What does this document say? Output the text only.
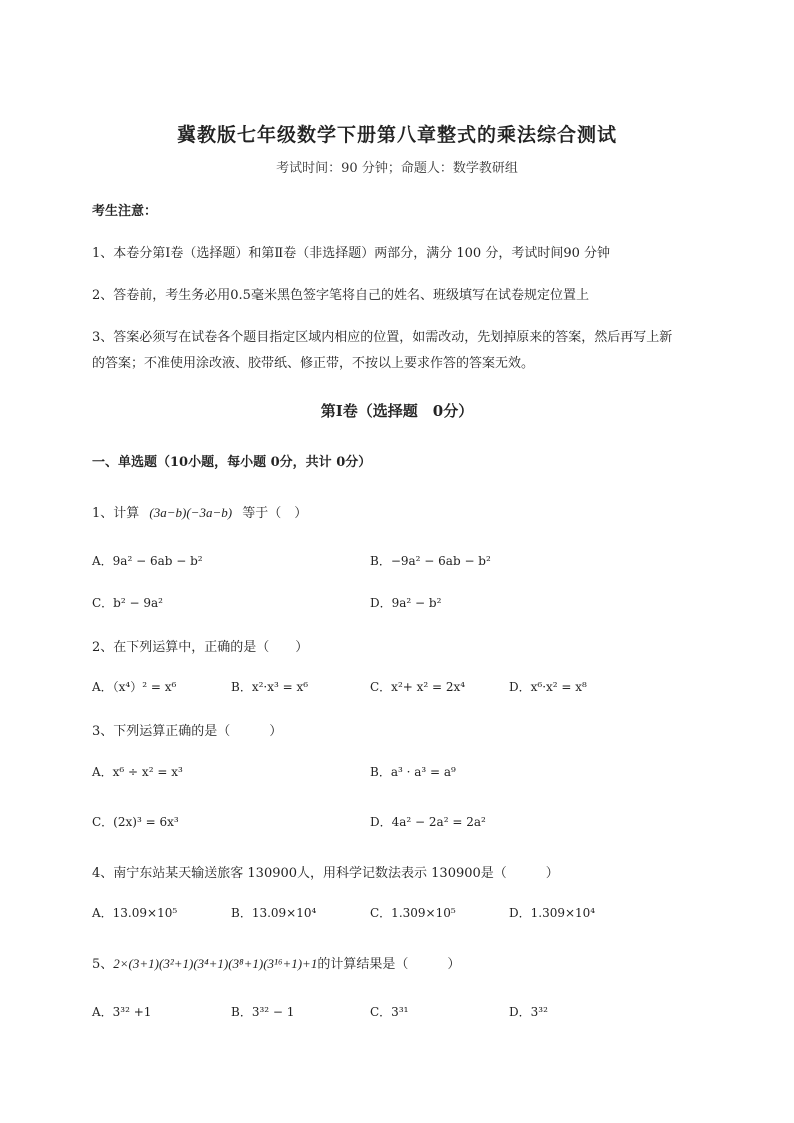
冀教版七年级数学下册第八章整式的乘法综合测试
考试时间：90 分钟；命题人：数学教研组
考生注意：
1、本卷分第Ⅰ卷（选择题）和第Ⅱ卷（非选择题）两部分，满分 100 分，考试时间90 分钟
2、答卷前，考生务必用0.5毫米黑色签字笔将自己的姓名、班级填写在试卷规定位置上
3、答案必须写在试卷各个题目指定区域内相应的位置，如需改动，先划掉原来的答案，然后再写上新
的答案；不准使用涂改液、胶带纸、修正带，不按以上要求作答的答案无效。
第Ⅰ卷（选择题　0分）
一、单选题（10小题，每小题 0分，共计 0分）
1、计算 (3a−b)(−3a−b) 等于（　）
A．9a² − 6ab − b²	B．−9a² − 6ab − b²
C．b² − 9a²	D．9a² − b²
2、在下列运算中，正确的是（　　）
A．（x⁴）² = x⁶	B．x²·x³ = x⁶	C．x²+ x² = 2x⁴	D．x⁶·x² = x⁸
3、下列运算正确的是（　　　）
A．x⁶ ÷ x² = x³	B．a³ · a³ = a⁹
C．(2x)³ = 6x³	D．4a² − 2a² = 2a²
4、南宁东站某天输送旅客 130900人，用科学记数法表示 130900是（　　　）
A．13.09×10⁵	B．13.09×10⁴	C．1.309×10⁵	D．1.309×10⁴
5、2×(3+1)(3²+1)(3⁴+1)(3⁸+1)(3¹⁶+1)+1的计算结果是（　　　）
A．3³² +1	B．3³² − 1	C．3³¹	D．3³²
